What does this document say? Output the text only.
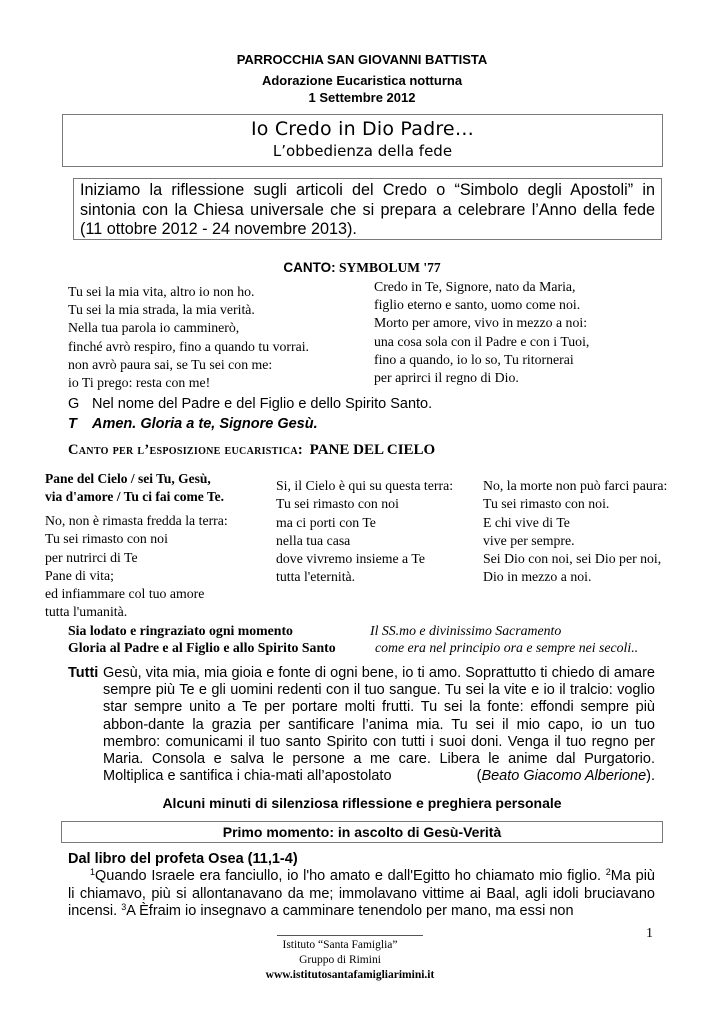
PARROCCHIA SAN GIOVANNI BATTISTA
Adorazione Eucaristica notturna
1 Settembre 2012
Io Credo in Dio Padre…
L’obbedienza della fede
Iniziamo la riflessione sugli articoli del Credo o “Simbolo degli Apostoli” in sintonia con la Chiesa universale che si prepara a celebrare l’Anno della fede (11 ottobre 2012 - 24 novembre 2013).
CANTO: SYMBOLUM '77
Tu sei la mia vita, altro io non ho.
Tu sei la mia strada, la mia verità.
Nella tua parola io camminerò,
finché avrò respiro, fino a quando tu vorrai.
non avrò paura sai, se Tu sei con me:
io Ti prego: resta con me!
Credo in Te, Signore, nato da Maria,
figlio eterno e santo, uomo come noi.
Morto per amore, vivo in mezzo a noi:
una cosa sola con il Padre e con i Tuoi,
fino a quando, io lo so, Tu ritornerai
per aprirci il regno di Dio.
G Nel nome del Padre e del Figlio e dello Spirito Santo.
T Amen. Gloria a te, Signore Gesù.
Canto per l’esposizione eucaristica: PANE DEL CIELO
Pane del Cielo / sei Tu, Gesù,
via d'amore / Tu ci fai come Te.
No, non è rimasta fredda la terra:
Tu sei rimasto con noi
per nutrirci di Te
Pane di vita;
ed infiammare col tuo amore
tutta l'umanità.
Si, il Cielo è qui su questa terra:
Tu sei rimasto con noi
ma ci porti con Te
nella tua casa
dove vivremo insieme a Te
tutta l'eternità.
No, la morte non può farci paura:
Tu sei rimasto con noi.
E chi vive di Te
vive per sempre.
Sei Dio con noi, sei Dio per noi,
Dio in mezzo a noi.
Sia lodato e ringraziato ogni momento
Gloria al Padre e al Figlio e allo Spirito Santo
Il SS.mo e divinissimo Sacramento
come era nel principio ora e sempre nei secoli..
Tutti Gesù, vita mia, mia gioia e fonte di ogni bene, io ti amo. Soprattutto ti chiedo di amare sempre più Te e gli uomini redenti con il tuo sangue. Tu sei la vite e io il tralcio: voglio star sempre unito a Te per portare molti frutti. Tu sei la fonte: effondi sempre più abbon-dante la grazia per santificare l’anima mia. Tu sei il mio capo, io un tuo membro: comunicami il tuo santo Spirito con tutti i suoi doni. Venga il tuo regno per Maria. Consola e salva le persone a me care. Libera le anime dal Purgatorio. Moltiplica e santifica i chia-mati all’apostolato	(Beato Giacomo Alberione).
Alcuni minuti di silenziosa riflessione e preghiera personale
Primo momento: in ascolto di Gesù-Verità
Dal libro del profeta Osea (11,1-4)
$^1$Quando Israele era fanciullo, io l'ho amato e dall'Egitto ho chiamato mio figlio. $^2$Ma più li chiamavo, più si allontanavano da me; immolavano vittime ai Baal, agli idoli bruciavano incensi. $^3$A Èfraim io insegnavo a camminare tenendolo per mano, ma essi non
1
Istituto “Santa Famiglia”
Gruppo di Rimini
www.istitutosantafamigliarimini.it
